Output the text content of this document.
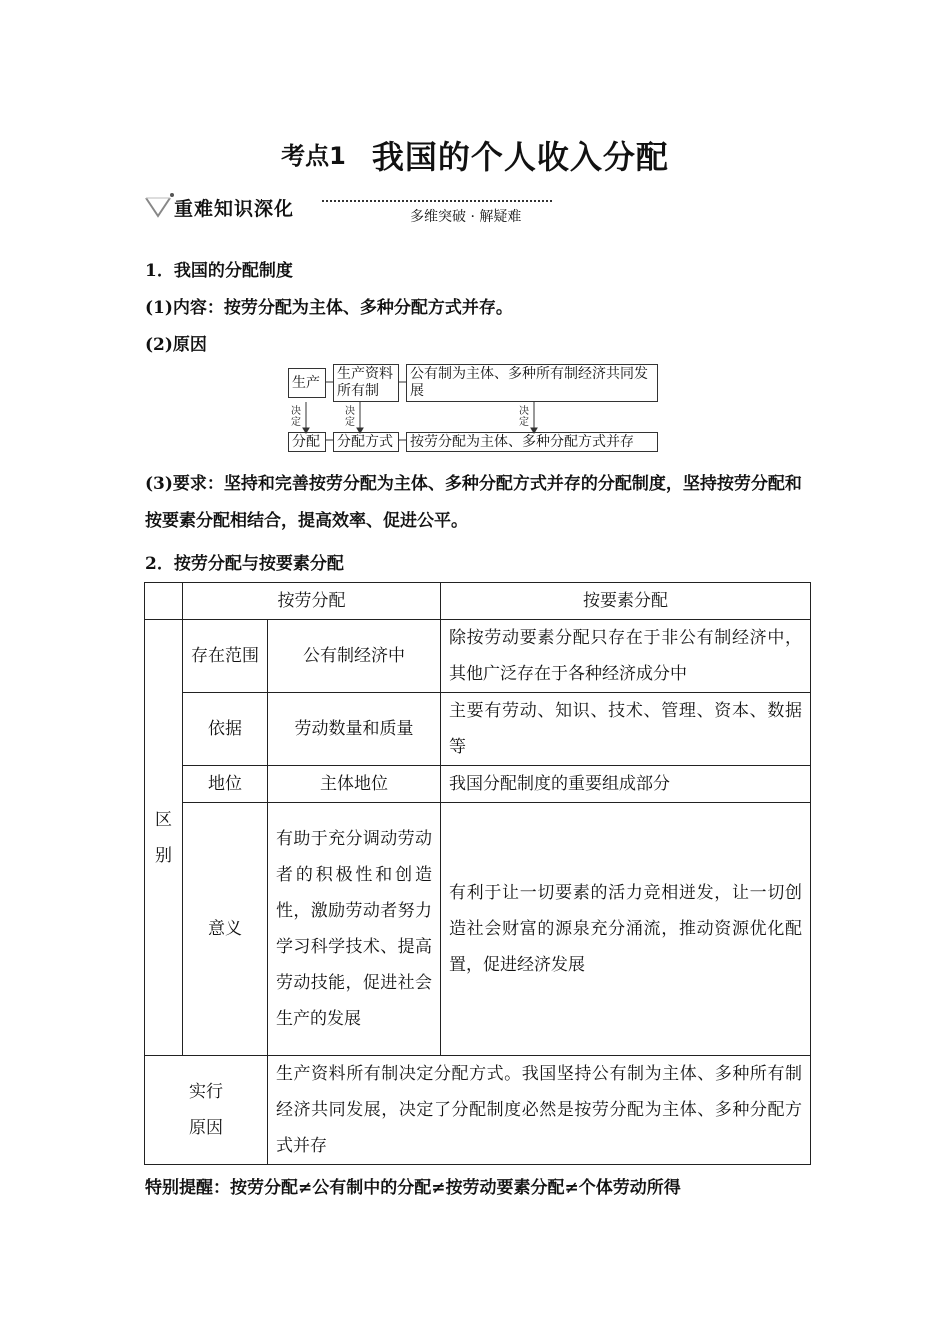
考点1 我国的个人收入分配
重难知识深化	多维突破 · 解疑难
1．我国的分配制度
(1)内容：按劳分配为主体、多种分配方式并存。
(2)原因
生产
生产资料所有制
公有制为主体、多种所有制经济共同发展
决定
决定
决定
分配	分配方式	按劳分配为主体、多种分配方式并存
(3)要求：坚持和完善按劳分配为主体、多种分配方式并存的分配制度，坚持按劳分配和按要素分配相结合，提高效率、促进公平。
2．按劳分配与按要素分配
	按劳分配		按要素分配
区别	存在范围	公有制经济中	除按劳动要素分配只存在于非公有制经济中，其他广泛存在于各种经济成分中
	依据	劳动数量和质量	主要有劳动、知识、技术、管理、资本、数据等
	地位	主体地位	我国分配制度的重要组成部分
	意义	有助于充分调动劳动者的积极性和创造性，激励劳动者努力学习科学技术、提高劳动技能，促进社会生产的发展	有利于让一切要素的活力竞相迸发，让一切创造社会财富的源泉充分涌流，推动资源优化配置，促进经济发展
实行原因		生产资料所有制决定分配方式。我国坚持公有制为主体、多种所有制经济共同发展，决定了分配制度必然是按劳分配为主体、多种分配方式并存	
特别提醒：按劳分配≠公有制中的分配≠按劳动要素分配≠个体劳动所得
